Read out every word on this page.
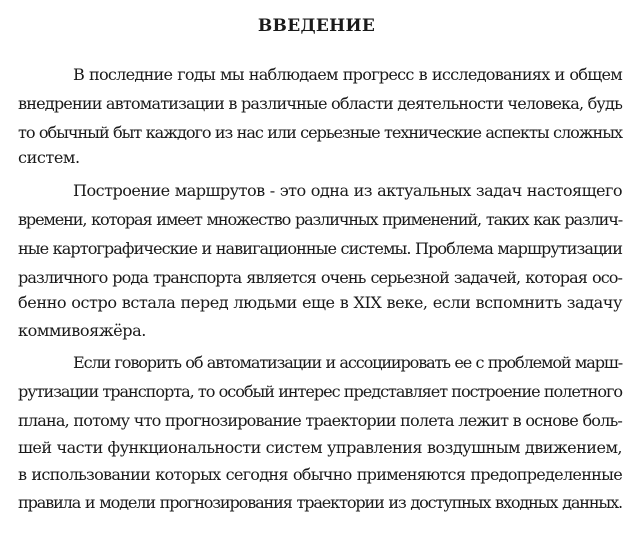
ВВЕДЕНИЕ
В последние годы мы наблюдаем прогресс в исследованиях и общем
внедрении автоматизации в различные области деятельности человека, будь
то обычный быт каждого из нас или серьезные технические аспекты сложных
систем.
Построение маршрутов - это одна из актуальных задач настоящего
времени, которая имеет множество различных применений, таких как различ-
ные картографические и навигационные системы. Проблема маршрутизации
различного рода транспорта является очень серьезной задачей, которая осо-
бенно остро встала перед людьми еще в XIX веке, если вспомнить задачу
коммивояжёра.
Если говорить об автоматизации и ассоциировать ее с проблемой марш-
рутизации транспорта, то особый интерес представляет построение полетного
плана, потому что прогнозирование траектории полета лежит в основе боль-
шей части функциональности систем управления воздушным движением,
в использовании которых сегодня обычно применяются предопределенные
правила и модели прогнозирования траектории из доступных входных данных.
